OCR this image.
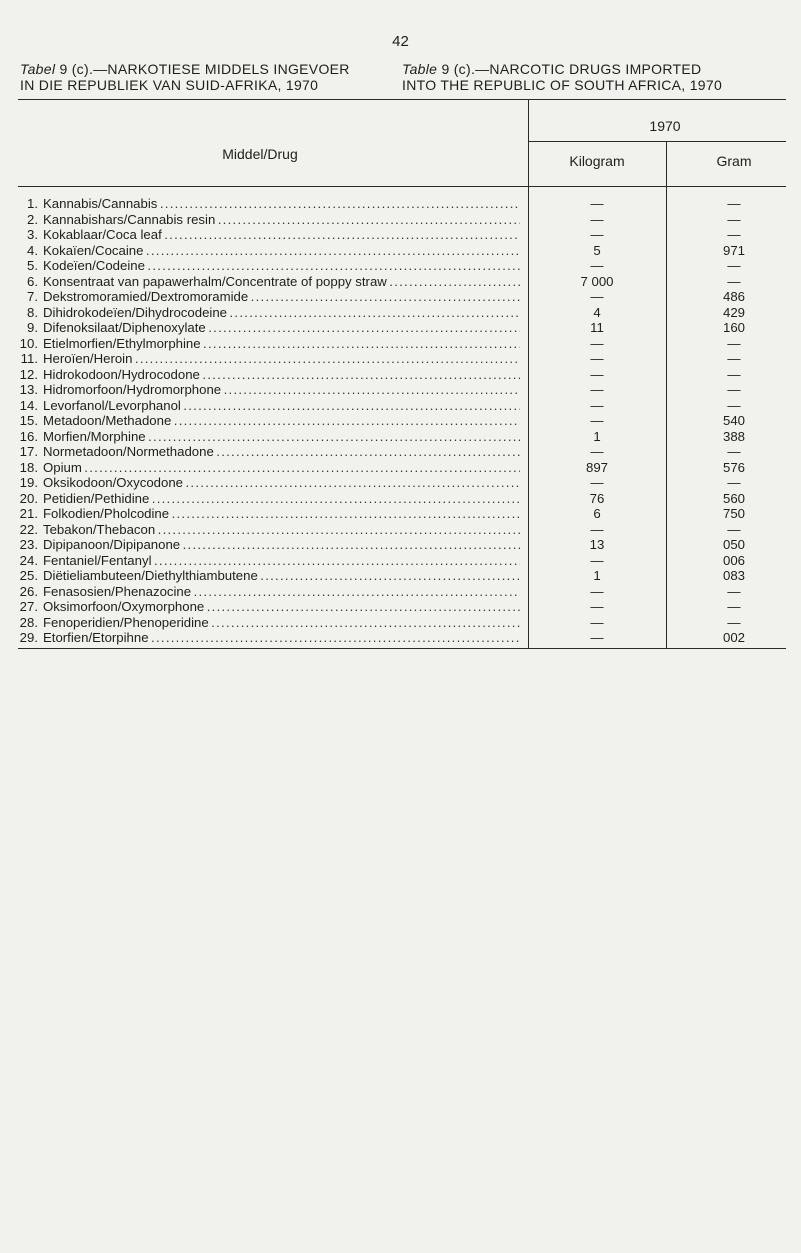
42
Tabel 9 (c).—NARKOTIESE MIDDELS INGEVOER
IN DIE REPUBLIEK VAN SUID-AFRIKA, 1970
Table 9 (c).—NARCOTIC DRUGS IMPORTED
INTO THE REPUBLIC OF SOUTH AFRICA, 1970
Middel/Drug
1970
Kilogram	Gram
1. Kannabis/Cannabis . . .	—	—
2. Kannabishars/Cannabis resin . . .	—	—
3. Kokablaar/Coca leaf . . .	—	—
4. Kokaïen/Cocaine . . .	5	971
5. Kodeïen/Codeine . . .	—	—
6. Konsentraat van papawerhalm/Concentrate of poppy straw . . .	7 000	—
7. Dekstromoramied/Dextromoramide . . .	—	486
8. Dihidrokodeïen/Dihydrocodeine . . .	4	429
9. Difenoksilaat/Diphenoxylate . . .	11	160
10. Etielmorfien/Ethylmorphine . . .	—	—
11. Heroïen/Heroin . . .	—	—
12. Hidrokodoon/Hydrocodone . . .	—	—
13. Hidromorfoon/Hydromorphone . . .	—	—
14. Levorfanol/Levorphanol . . .	—	—
15. Metadoon/Methadone . . .	—	540
16. Morfien/Morphine . . .	1	388
17. Normetadoon/Normethadone . . .	—	—
18. Opium . . .	897	576
19. Oksikodoon/Oxycodone . . .	—	—
20. Petidien/Pethidine . . .	76	560
21. Folkodien/Pholcodine . . .	6	750
22. Tebakon/Thebacon . . .	—	—
23. Dipipanoon/Dipipanone . . .	13	050
24. Fentaniel/Fentanyl . . .	—	006
25. Diëtieliambuteen/Diethylthiambutene . . .	1	083
26. Fenasosien/Phenazocine . . .	—	—
27. Oksimorfoon/Oxymorphone . . .	—	—
28. Fenoperidien/Phenoperidine . . .	—	—
29. Etorfien/Etorpihne . . .	—	002
